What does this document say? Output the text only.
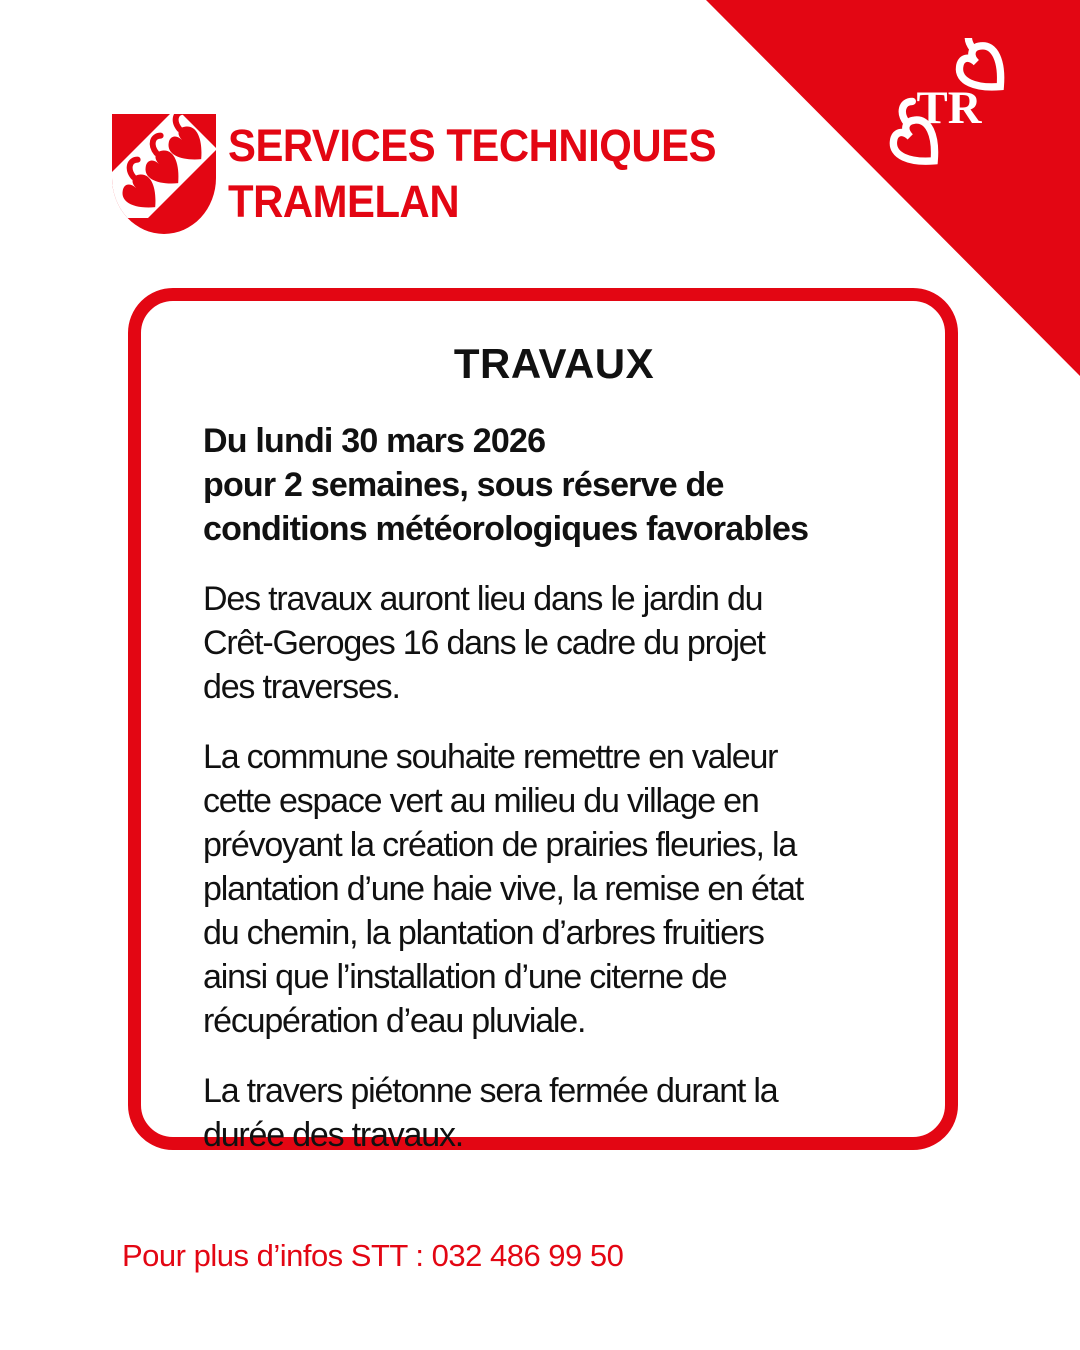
TR
SERVICES TECHNIQUES
TRAMELAN
TRAVAUX
Du lundi 30 mars 2026
pour 2 semaines, sous réserve de
conditions météorologiques favorables
Des travaux auront lieu dans le jardin du
Crêt-Geroges 16 dans le cadre du projet
des traverses.
La commune souhaite remettre en valeur
cette espace vert au milieu du village en
prévoyant la création de prairies fleuries, la
plantation d’une haie vive, la remise en état
du chemin, la plantation d’arbres fruitiers
ainsi que l’installation d’une citerne de
récupération d’eau pluviale.
La travers piétonne sera fermée durant la
durée des travaux.

Pour plus d’infos STT : 032 486 99 50
